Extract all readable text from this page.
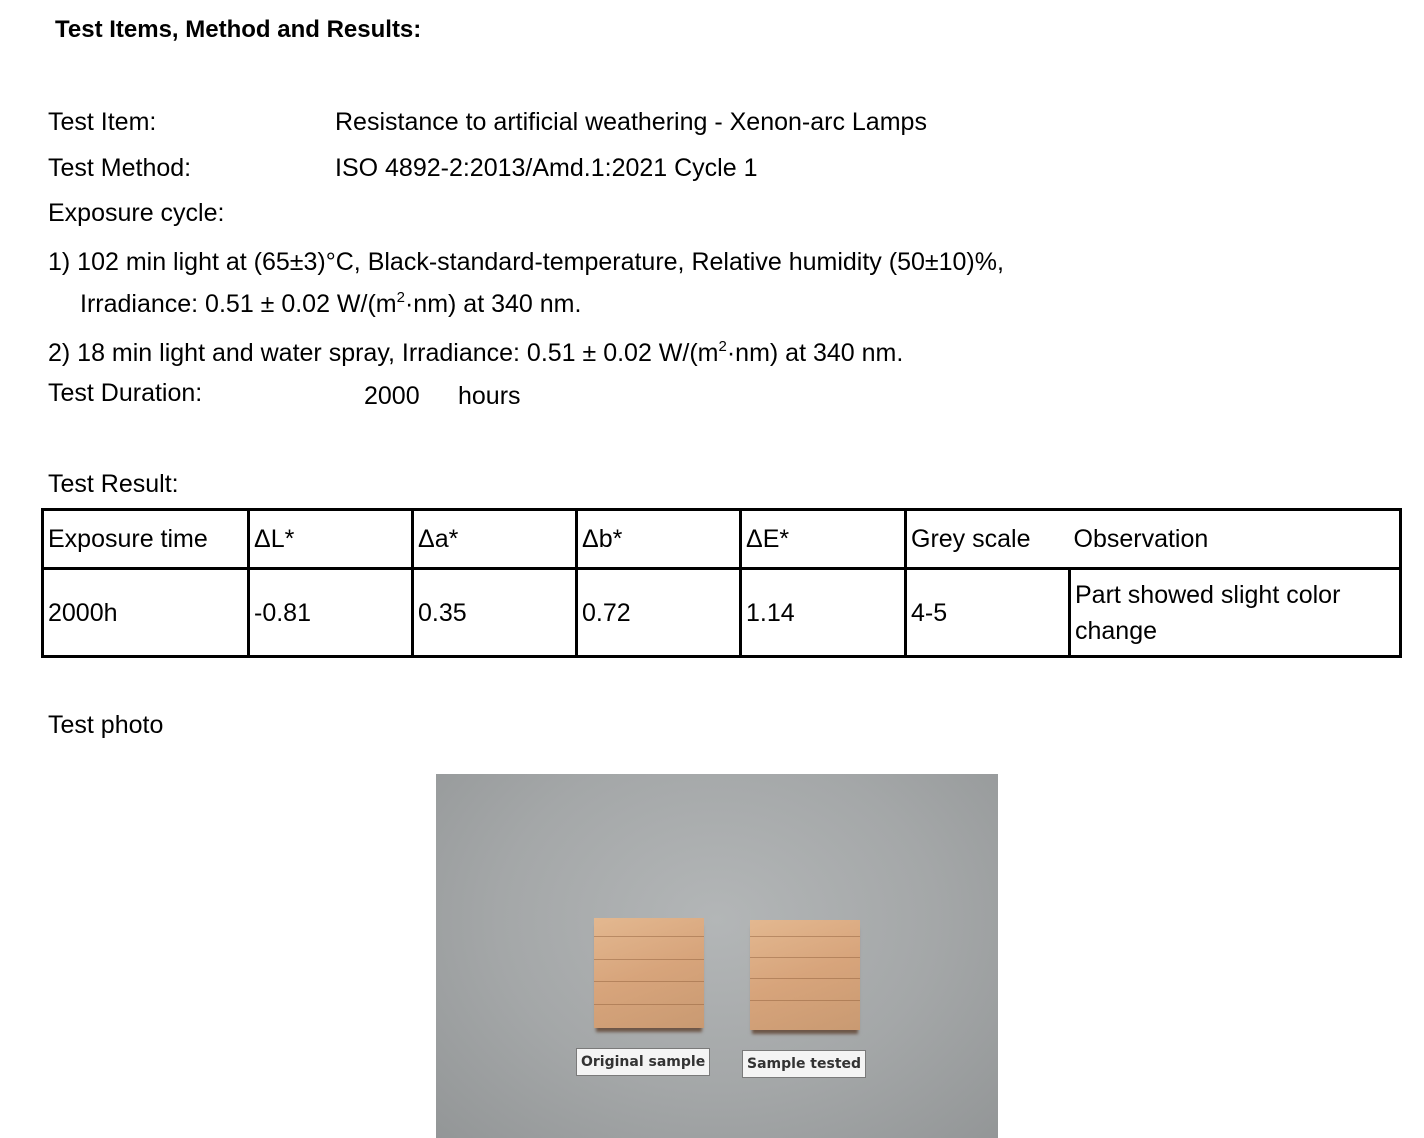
Test Items, Method and Results:
Test Item:	Resistance to artificial weathering - Xenon-arc Lamps
Test Method:	ISO 4892-2:2013/Amd.1:2021 Cycle 1
Exposure cycle:
1) 102 min light at (65±3)°C, Black-standard-temperature, Relative humidity (50±10)%,
Irradiance: 0.51 ± 0.02 $W/(m^2\cdot nm)$ at 340 nm.
2) 18 min light and water spray, Irradiance: 0.51 ± 0.02 $W/(m^2\cdot nm)$ at 340 nm.
Test Duration:	2000 hours
Test Result:
Exposure time	ΔL*	Δa*	Δb*	ΔE*	Grey scale	Observation
2000h	-0.81	0.35	0.72	1.14	4-5	Part showed slight color change
Test photo
Original sample	Sample tested
